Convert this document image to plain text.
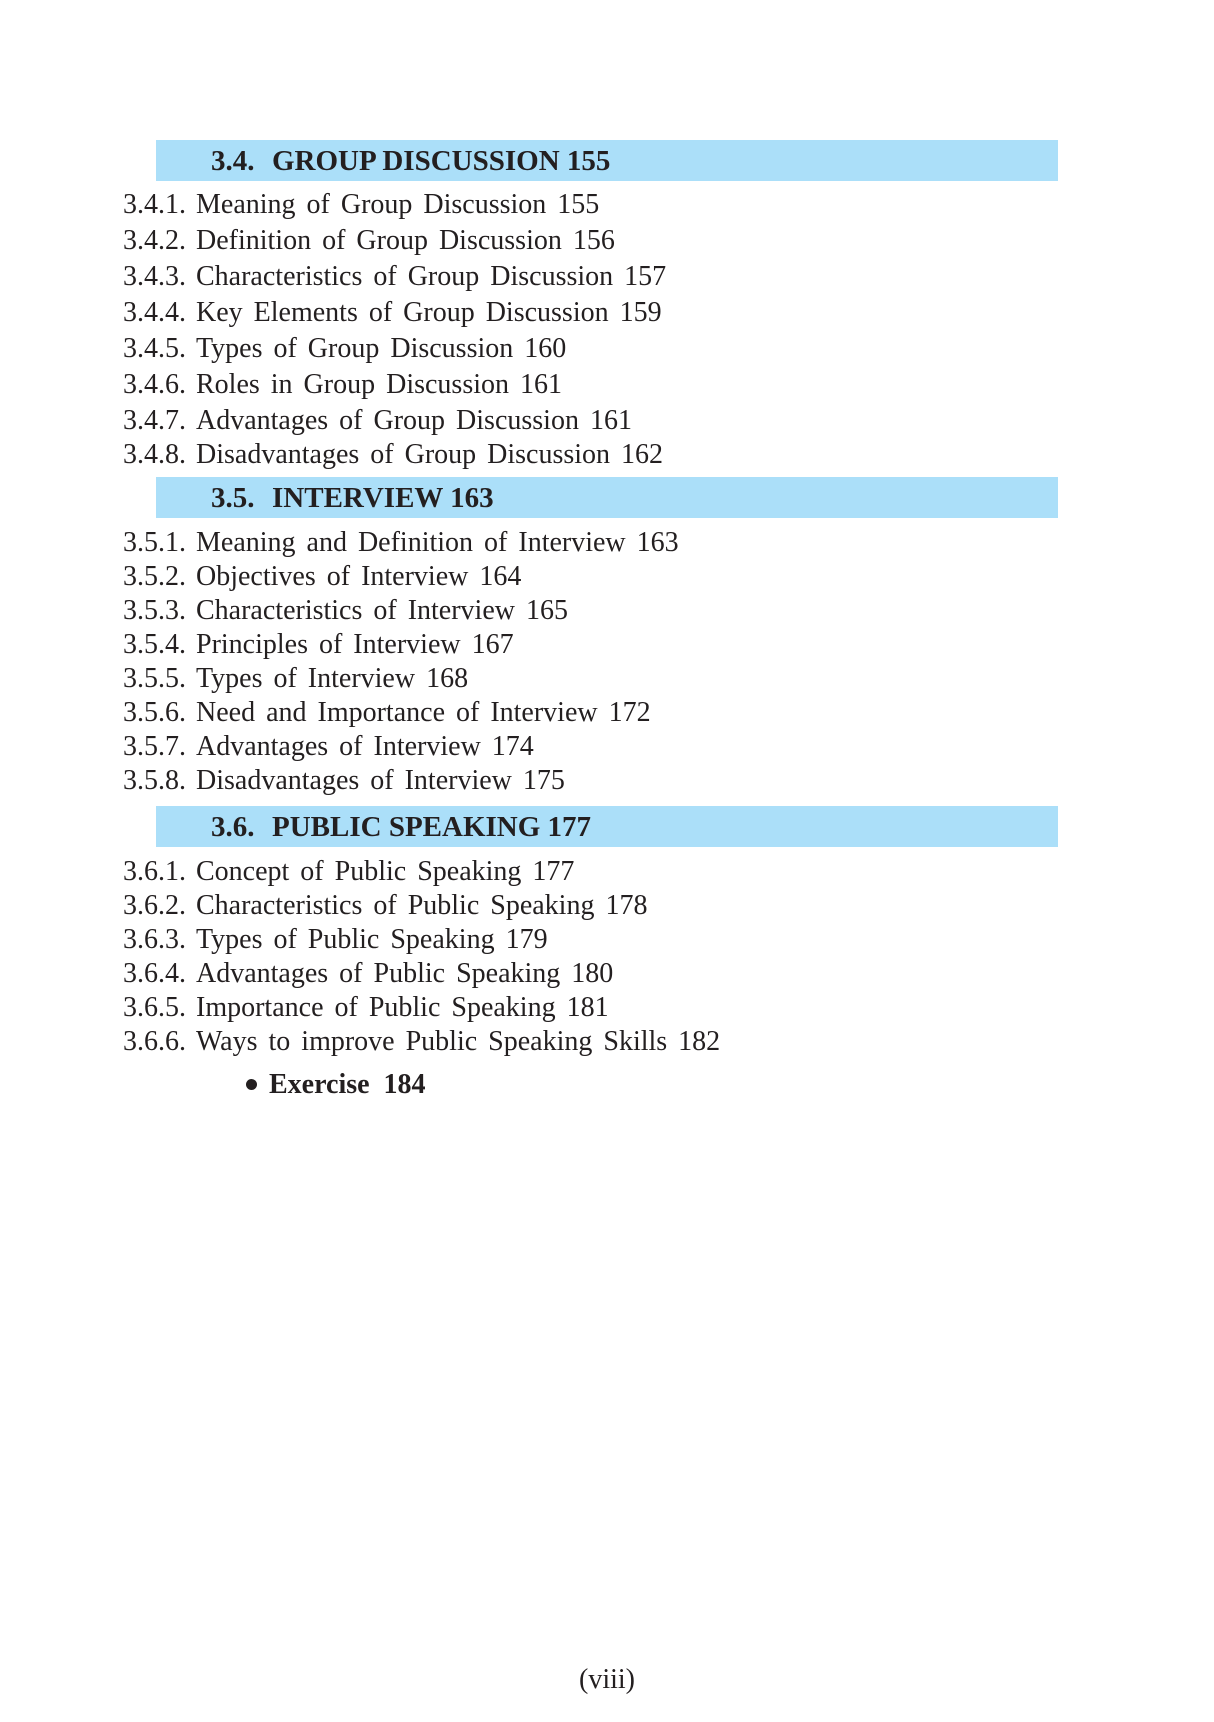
3.4. GROUP DISCUSSION 155
3.4.1. Meaning of Group Discussion 155
3.4.2. Definition of Group Discussion 156
3.4.3. Characteristics of Group Discussion 157
3.4.4. Key Elements of Group Discussion 159
3.4.5. Types of Group Discussion 160
3.4.6. Roles in Group Discussion 161
3.4.7. Advantages of Group Discussion 161
3.4.8. Disadvantages of Group Discussion 162
3.5. INTERVIEW 163
3.5.1. Meaning and Definition of Interview 163
3.5.2. Objectives of Interview 164
3.5.3. Characteristics of Interview 165
3.5.4. Principles of Interview 167
3.5.5. Types of Interview 168
3.5.6. Need and Importance of Interview 172
3.5.7. Advantages of Interview 174
3.5.8. Disadvantages of Interview 175
3.6. PUBLIC SPEAKING 177
3.6.1. Concept of Public Speaking 177
3.6.2. Characteristics of Public Speaking 178
3.6.3. Types of Public Speaking 179
3.6.4. Advantages of Public Speaking 180
3.6.5. Importance of Public Speaking 181
3.6.6. Ways to improve Public Speaking Skills 182
Exercise  184
(viii)
